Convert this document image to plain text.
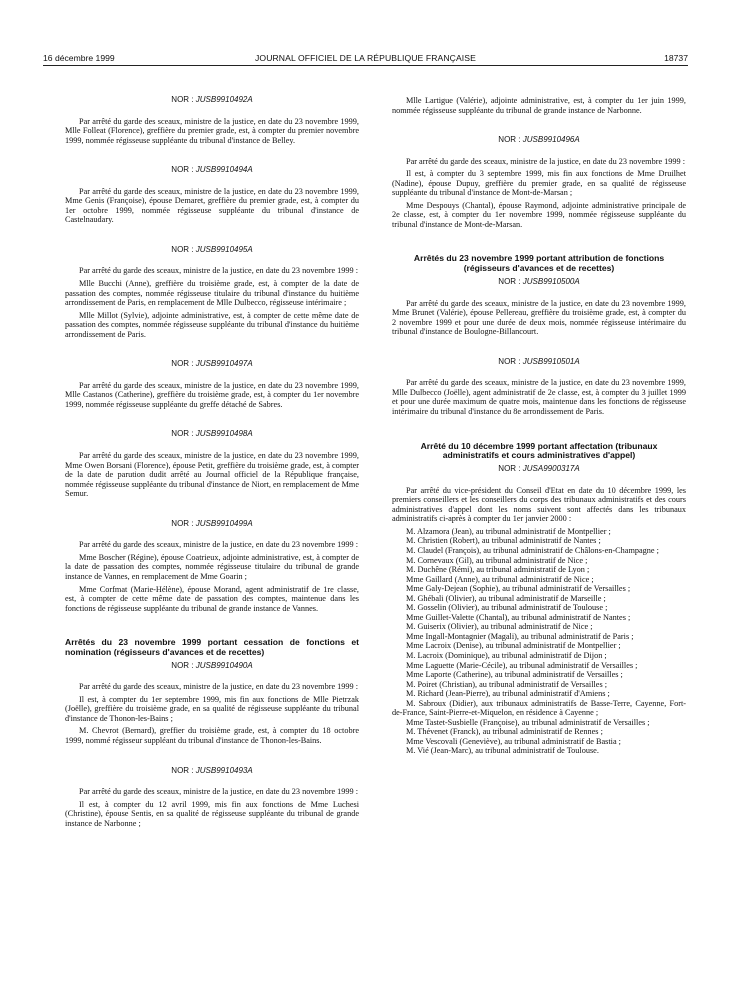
16 décembre 1999	JOURNAL OFFICIEL DE LA RÉPUBLIQUE FRANÇAISE	18737
NOR : JUSB9910492A

Par arrêté du garde des sceaux, ministre de la justice, en date du 23 novembre 1999, Mlle Folleat (Florence), greffière du premier grade, est, à compter du premier novembre 1999, nommée régisseuse suppléante du tribunal d'instance de Belley.

NOR : JUSB9910494A

Par arrêté du garde des sceaux, ministre de la justice, en date du 23 novembre 1999, Mme Genis (Françoise), épouse Demaret, greffière du premier grade, est, à compter du 1er octobre 1999, nommée régisseuse suppléante du tribunal d'instance de Castelnaudary.

NOR : JUSB9910495A

Par arrêté du garde des sceaux, ministre de la justice, en date du 23 novembre 1999 :

Mlle Bucchi (Anne), greffière du troisième grade, est, à compter de la date de passation des comptes, nommée régisseuse titulaire du tribunal d'instance du huitième arrondissement de Paris, en remplacement de Mlle Dulbecco, régisseuse intérimaire ;

Mlle Millot (Sylvie), adjointe administrative, est, à compter de cette même date de passation des comptes, nommée régisseuse suppléante du tribunal d'instance du huitième arrondissement de Paris.

NOR : JUSB9910497A

Par arrêté du garde des sceaux, ministre de la justice, en date du 23 novembre 1999, Mlle Castanos (Catherine), greffière du troisième grade, est, à compter du 1er novembre 1999, nommée régisseuse suppléante du greffe détaché de Sabres.

NOR : JUSB9910498A

Par arrêté du garde des sceaux, ministre de la justice, en date du 23 novembre 1999, Mme Owen Borsani (Florence), épouse Petit, greffière du troisième grade, est, à compter de la date de parution dudit arrêté au Journal officiel de la République française, nommée régisseuse suppléante du tribunal d'instance de Niort, en remplacement de Mme Semur.

NOR : JUSB9910499A

Par arrêté du garde des sceaux, ministre de la justice, en date du 23 novembre 1999 :

Mme Boscher (Régine), épouse Coatrieux, adjointe administrative, est, à compter de la date de passation des comptes, nommée régisseuse titulaire du tribunal de grande instance de Vannes, en remplacement de Mme Goarin ;

Mme Corfmat (Marie-Hélène), épouse Morand, agent administratif de 1re classe, est, à compter de cette même date de passation des comptes, maintenue dans les fonctions de régisseuse suppléante du tribunal de grande instance de Vannes.

Arrêtés du 23 novembre 1999 portant cessation de fonctions et nomination (régisseurs d'avances et de recettes)
NOR : JUSB9910490A

Par arrêté du garde des sceaux, ministre de la justice, en date du 23 novembre 1999 :

Il est, à compter du 1er septembre 1999, mis fin aux fonctions de Mlle Pietrzak (Joëlle), greffière du troisième grade, en sa qualité de régisseuse suppléante du tribunal d'instance de Thonon-les-Bains ;

M. Chevrot (Bernard), greffier du troisième grade, est, à compter du 18 octobre 1999, nommé régisseur suppléant du tribunal d'instance de Thonon-les-Bains.

NOR : JUSB9910493A

Par arrêté du garde des sceaux, ministre de la justice, en date du 23 novembre 1999 :

Il est, à compter du 12 avril 1999, mis fin aux fonctions de Mme Luchesi (Christine), épouse Sentis, en sa qualité de régisseuse suppléante du tribunal de grande instance de Narbonne ;

Mlle Lartigue (Valérie), adjointe administrative, est, à compter du 1er juin 1999, nommée régisseuse suppléante du tribunal de grande instance de Narbonne.

NOR : JUSB9910496A

Par arrêté du garde des sceaux, ministre de la justice, en date du 23 novembre 1999 :

Il est, à compter du 3 septembre 1999, mis fin aux fonctions de Mme Druilhet (Nadine), épouse Dupuy, greffière du premier grade, en sa qualité de régisseuse suppléante du tribunal d'instance de Mont-de-Marsan ;

Mme Despouys (Chantal), épouse Raymond, adjointe administrative principale de 2e classe, est, à compter du 1er novembre 1999, nommée régisseuse suppléante du tribunal d'instance de Mont-de-Marsan.

Arrêtés du 23 novembre 1999 portant attribution de fonctions (régisseurs d'avances et de recettes)
NOR : JUSB9910500A

Par arrêté du garde des sceaux, ministre de la justice, en date du 23 novembre 1999, Mme Brunet (Valérie), épouse Pellereau, greffière du troisième grade, est, à compter du 2 novembre 1999 et pour une durée de deux mois, nommée régisseuse intérimaire du tribunal d'instance de Boulogne-Billancourt.

NOR : JUSB9910501A

Par arrêté du garde des sceaux, ministre de la justice, en date du 23 novembre 1999, Mlle Dulbecco (Joëlle), agent administratif de 2e classe, est, à compter du 3 juillet 1999 et pour une durée maximum de quatre mois, maintenue dans les fonctions de régisseuse intérimaire du tribunal d'instance du 8e arrondissement de Paris.

Arrêté du 10 décembre 1999 portant affectation (tribunaux administratifs et cours administratives d'appel)
NOR : JUSA9900317A

Par arrêté du vice-président du Conseil d'Etat en date du 10 décembre 1999, les premiers conseillers et les conseillers du corps des tribunaux administratifs et des cours administratives d'appel dont les noms suivent sont affectés dans les tribunaux administratifs ci-après à compter du 1er janvier 2000 :

M. Alzamora (Jean), au tribunal administratif de Montpellier ;

M. Christien (Robert), au tribunal administratif de Nantes ;

M. Claudel (François), au tribunal administratif de Châlons-en-Champagne ;

M. Cornevaux (Gil), au tribunal administratif de Nice ;

M. Duchêne (Rémi), au tribunal administratif de Lyon ;

Mme Gaillard (Anne), au tribunal administratif de Nice ;

Mme Galy-Dejean (Sophie), au tribunal administratif de Versailles ;

M. Ghébali (Olivier), au tribunal administratif de Marseille ;

M. Gosselin (Olivier), au tribunal administratif de Toulouse ;

Mme Guillet-Valette (Chantal), au tribunal administratif de Nantes ;

M. Guiserix (Olivier), au tribunal administratif de Nice ;

Mme Ingall-Montagnier (Magali), au tribunal administratif de Paris ;

Mme Lacroix (Denise), au tribunal administratif de Montpellier ;

M. Lacroix (Dominique), au tribunal administratif de Dijon ;

Mme Laguette (Marie-Cécile), au tribunal administratif de Versailles ;

Mme Laporte (Catherine), au tribunal administratif de Versailles ;

M. Poiret (Christian), au tribunal administratif de Versailles ;

M. Richard (Jean-Pierre), au tribunal administratif d'Amiens ;

M. Sabroux (Didier), aux tribunaux administratifs de Basse-Terre, Cayenne, Fort-de-France, Saint-Pierre-et-Miquelon, en résidence à Cayenne ;

Mme Tastet-Susbielle (Françoise), au tribunal administratif de Versailles ;

M. Thévenet (Franck), au tribunal administratif de Rennes ;

Mme Vescovali (Geneviève), au tribunal administratif de Bastia ;

M. Vié (Jean-Marc), au tribunal administratif de Toulouse.
